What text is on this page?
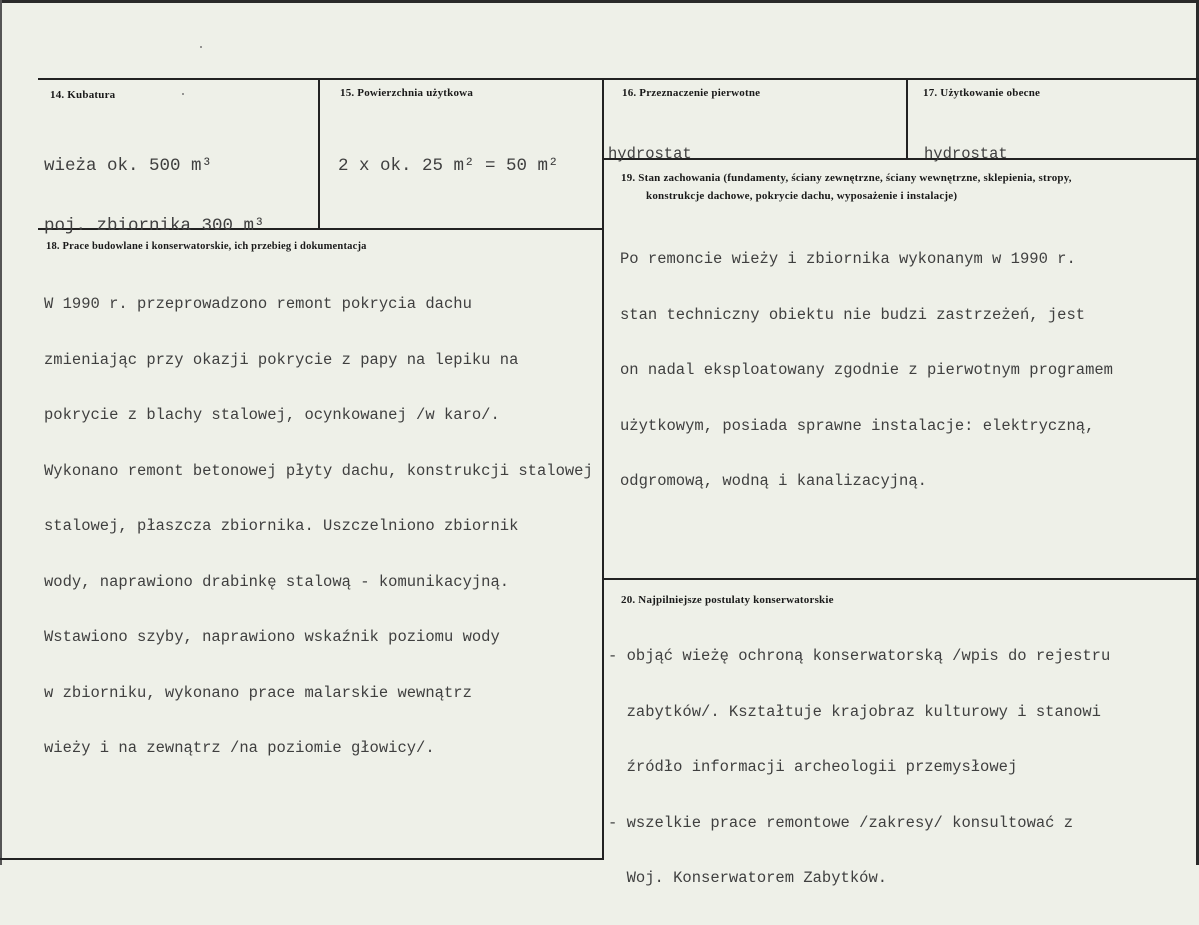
14. Kubatura

wieża ok. 500 m³

poj. zbiornika 300 m³

15. Powierzchnia użytkowa

2 x ok. 25 m² = 50 m²

16. Przeznaczenie pierwotne

hydrostat

17. Użytkowanie obecne

hydrostat

19. Stan zachowania (fundamenty, ściany zewnętrzne, ściany wewnętrzne, sklepienia, stropy,
konstrukcje dachowe, pokrycie dachu, wyposażenie i instalacje)

Po remoncie wieży i zbiornika wykonanym w 1990 r.

stan techniczny obiektu nie budzi zastrzeżeń, jest

on nadal eksploatowany zgodnie z pierwotnym programem

użytkowym, posiada sprawne instalacje: elektryczną,

odgromową, wodną i kanalizacyjną.

18. Prace budowlane i konserwatorskie, ich przebieg i dokumentacja

W 1990 r. przeprowadzono remont pokrycia dachu

zmieniając przy okazji pokrycie z papy na lepiku na

pokrycie z blachy stalowej, ocynkowanej /w karo/.

Wykonano remont betonowej płyty dachu, konstrukcji stalowej

stalowej, płaszcza zbiornika. Uszczelniono zbiornik

wody, naprawiono drabinkę stalową - komunikacyjną.

Wstawiono szyby, naprawiono wskaźnik poziomu wody

w zbiorniku, wykonano prace malarskie wewnątrz

wieży i na zewnątrz /na poziomie głowicy/.

20. Najpilniejsze postulaty konserwatorskie

- objąć wieżę ochroną konserwatorską /wpis do rejestru

zabytków/. Kształtuje krajobraz kulturowy i stanowi

źródło informacji archeologii przemysłowej

- wszelkie prace remontowe /zakresy/ konsultować z

Woj. Konserwatorem Zabytków.
